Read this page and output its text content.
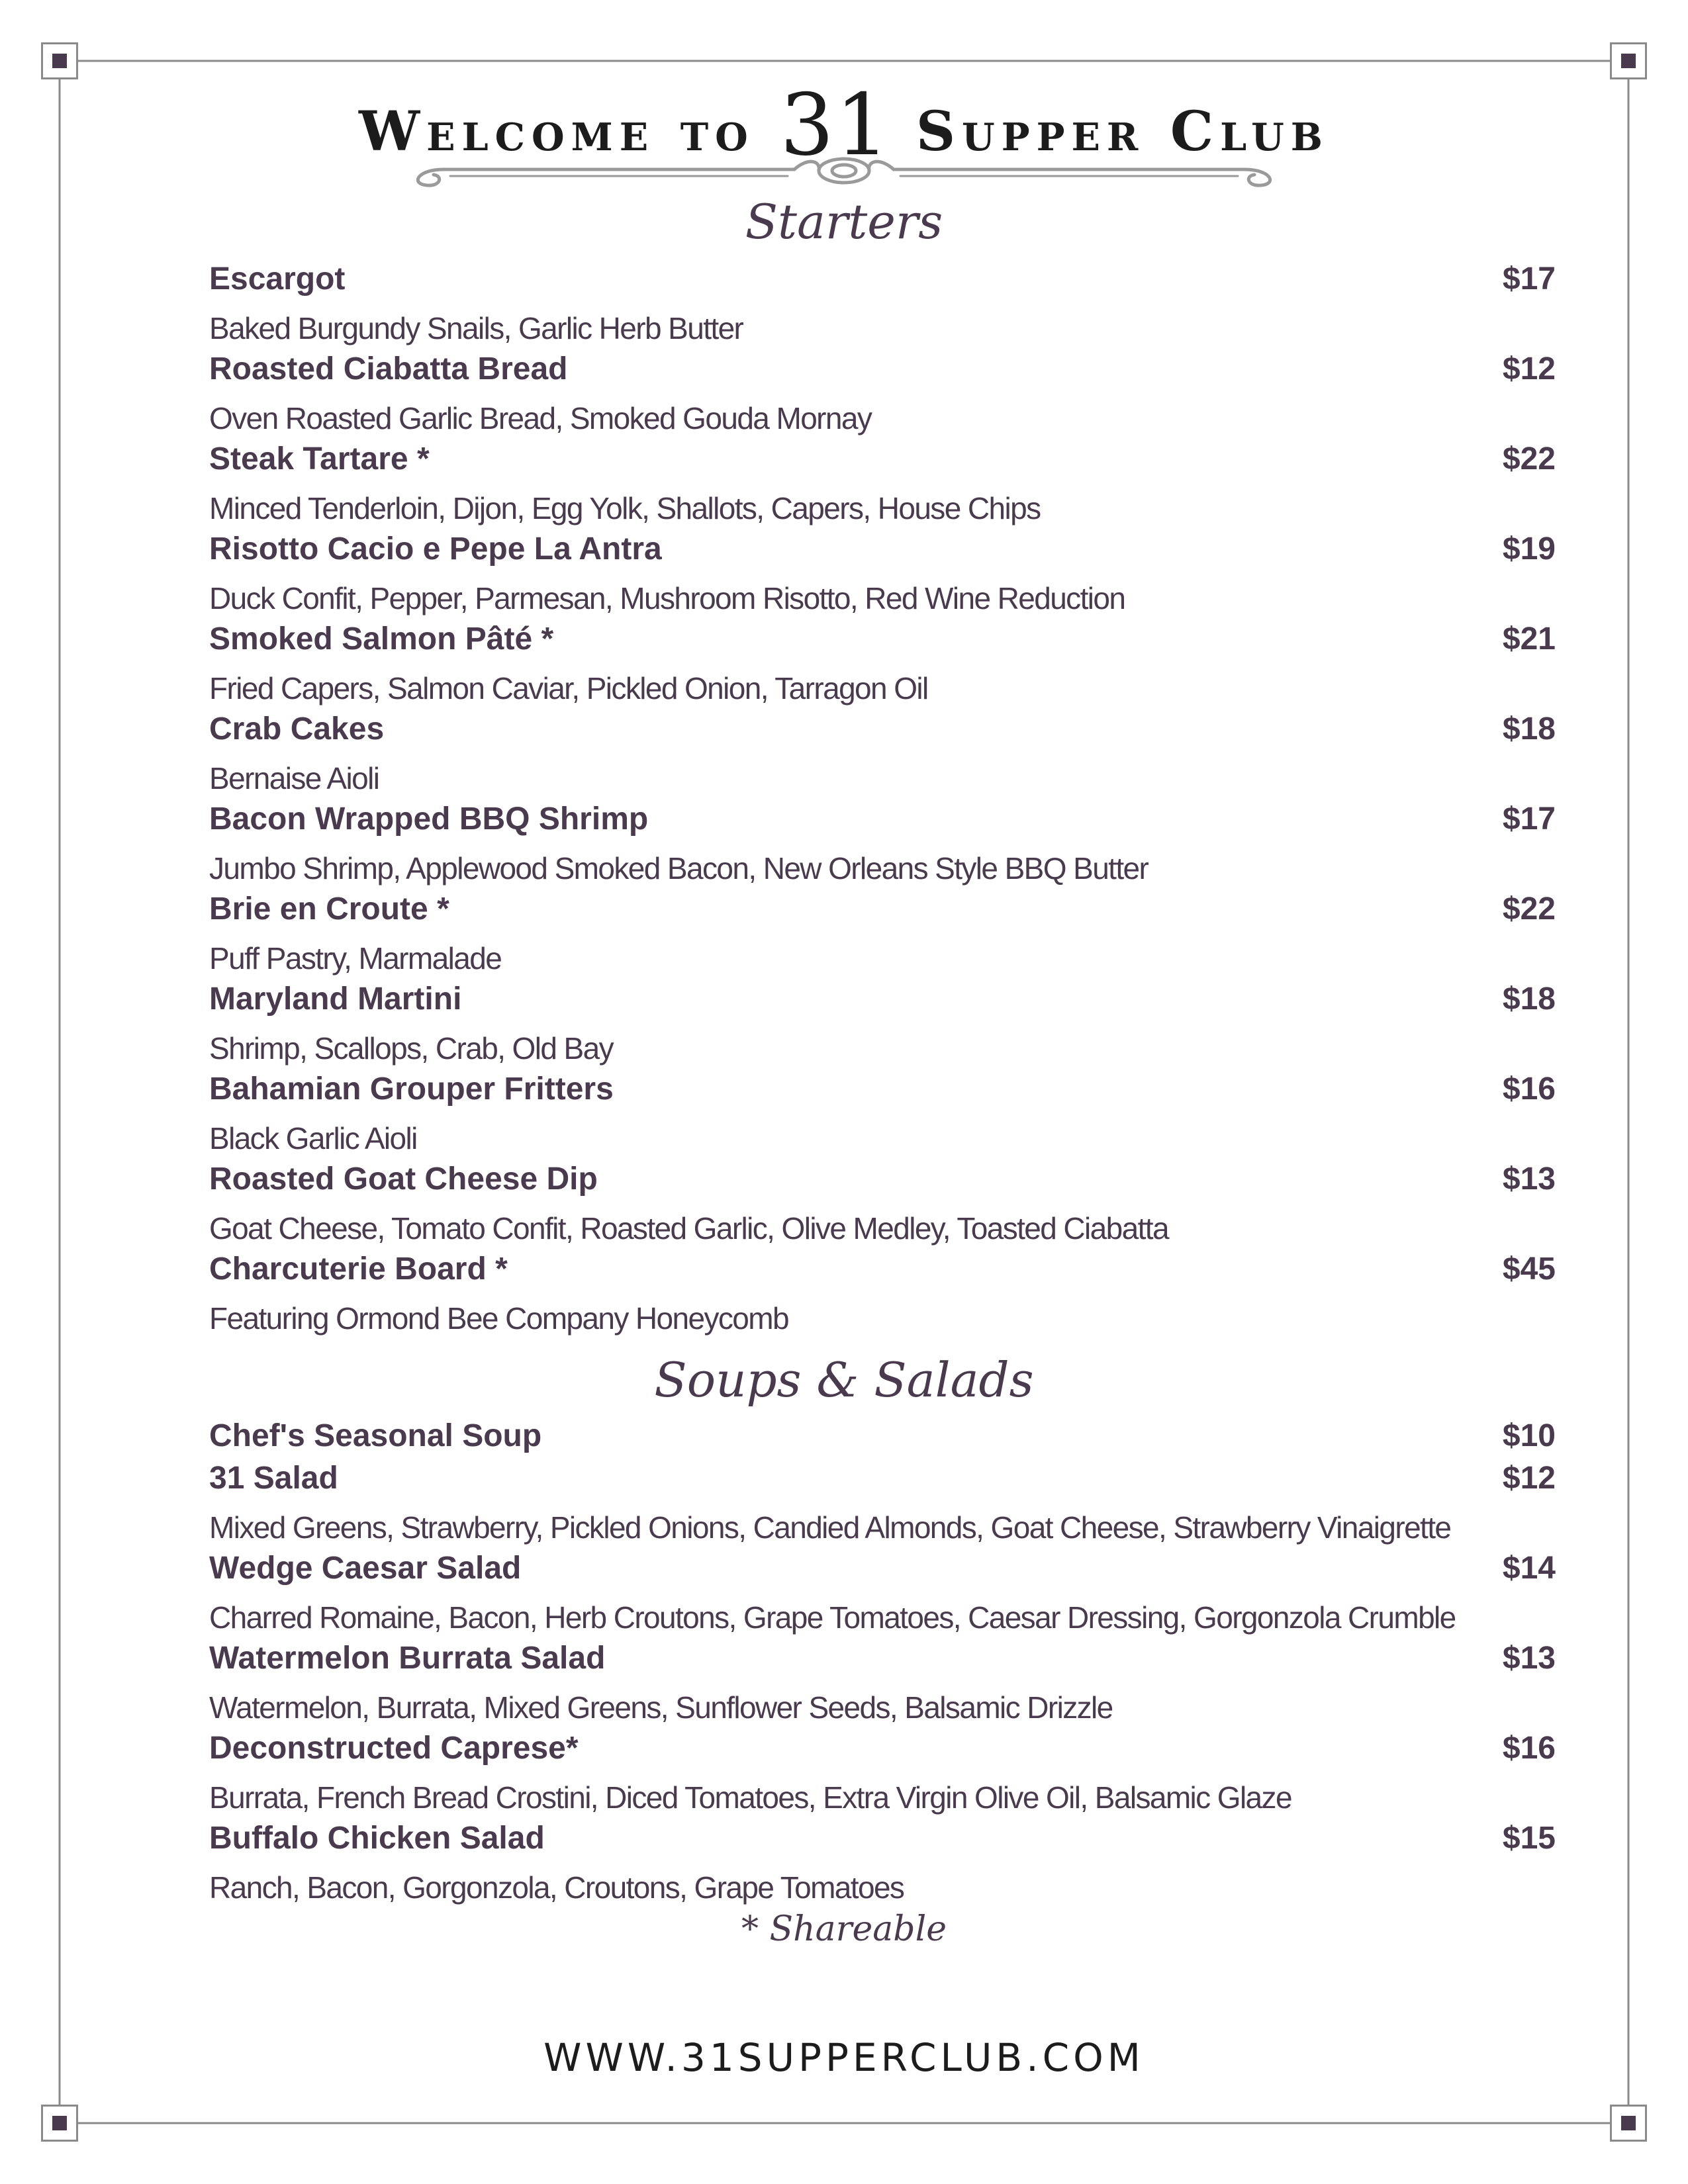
Welcome to 31 Supper Club
Starters
Escargot	$17
Baked Burgundy Snails, Garlic Herb Butter
Roasted Ciabatta Bread	$12
Oven Roasted Garlic Bread, Smoked Gouda Mornay
Steak Tartare *	$22
Minced Tenderloin, Dijon, Egg Yolk, Shallots, Capers, House Chips
Risotto Cacio e Pepe La Antra	$19
Duck Confit, Pepper, Parmesan, Mushroom Risotto, Red Wine Reduction
Smoked Salmon Pâté *	$21
Fried Capers, Salmon Caviar, Pickled Onion, Tarragon Oil
Crab Cakes	$18
Bernaise Aioli
Bacon Wrapped BBQ Shrimp	$17
Jumbo Shrimp, Applewood Smoked Bacon, New Orleans Style BBQ Butter
Brie en Croute *	$22
Puff Pastry, Marmalade
Maryland Martini	$18
Shrimp, Scallops, Crab, Old Bay
Bahamian Grouper Fritters	$16
Black Garlic Aioli
Roasted Goat Cheese Dip	$13
Goat Cheese, Tomato Confit, Roasted Garlic, Olive Medley, Toasted Ciabatta
Charcuterie Board *	$45
Featuring Ormond Bee Company Honeycomb
Soups & Salads
Chef's Seasonal Soup	$10
31 Salad	$12
Mixed Greens, Strawberry, Pickled Onions, Candied Almonds, Goat Cheese, Strawberry Vinaigrette
Wedge Caesar Salad	$14
Charred Romaine, Bacon, Herb Croutons, Grape Tomatoes, Caesar Dressing, Gorgonzola Crumble
Watermelon Burrata Salad	$13
Watermelon, Burrata, Mixed Greens, Sunflower Seeds, Balsamic Drizzle
Deconstructed Caprese*	$16
Burrata, French Bread Crostini, Diced Tomatoes, Extra Virgin Olive Oil, Balsamic Glaze
Buffalo Chicken Salad	$15
Ranch, Bacon, Gorgonzola, Croutons, Grape Tomatoes
* Shareable
WWW.31SUPPERCLUB.COM
